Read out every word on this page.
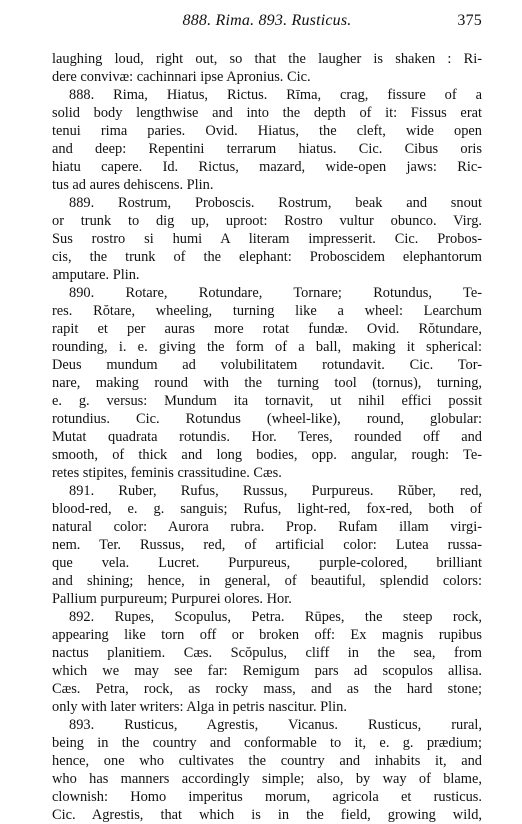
888. Rima. 893. Rusticus.	375
laughing loud, right out, so that the laugher is shaken : Ri-
dere convivæ: cachinnari ipse Apronius. Cic.
888. Rima, Hiatus, Rictus. Rīma, crag, fissure of a
solid body lengthwise and into the depth of it: Fissus erat
tenui rima paries. Ovid. Hiatus, the cleft, wide open
and deep: Repentini terrarum hiatus. Cic. Cibus oris
hiatu capere. Id. Rictus, mazard, wide-open jaws: Ric-
tus ad aures dehiscens. Plin.
889. Rostrum, Proboscis. Rostrum, beak and snout
or trunk to dig up, uproot: Rostro vultur obunco. Virg.
Sus rostro si humi A literam impresserit. Cic. Probos-
cis, the trunk of the elephant: Proboscidem elephantorum
amputare. Plin.
890. Rotare, Rotundare, Tornare; Rotundus, Te-
res. Rŏtare, wheeling, turning like a wheel: Learchum
rapit et per auras more rotat fundæ. Ovid. Rŏtundare,
rounding, i. e. giving the form of a ball, making it spherical:
Deus mundum ad volubilitatem rotundavit. Cic. Tor-
nare, making round with the turning tool (tornus), turning,
e. g. versus: Mundum ita tornavit, ut nihil effici possit
rotundius. Cic. Rotundus (wheel-like), round, globular:
Mutat quadrata rotundis. Hor. Teres, rounded off and
smooth, of thick and long bodies, opp. angular, rough: Te-
retes stipites, feminis crassitudine. Cæs.
891. Ruber, Rufus, Russus, Purpureus. Rŭber, red,
blood-red, e. g. sanguis; Rufus, light-red, fox-red, both of
natural color: Aurora rubra. Prop. Rufam illam virgi-
nem. Ter. Russus, red, of artificial color: Lutea russa-
que vela. Lucret. Purpureus, purple-colored, brilliant
and shining; hence, in general, of beautiful, splendid colors:
Pallium purpureum; Purpurei olores. Hor.
892. Rupes, Scopulus, Petra. Rūpes, the steep rock,
appearing like torn off or broken off: Ex magnis rupibus
nactus planitiem. Cæs. Scŏpulus, cliff in the sea, from
which we may see far: Remigum pars ad scopulos allisa.
Cæs. Petra, rock, as rocky mass, and as the hard stone;
only with later writers: Alga in petris nascitur. Plin.
893. Rusticus, Agrestis, Vicanus. Rusticus, rural,
being in the country and conformable to it, e. g. prædium;
hence, one who cultivates the country and inhabits it, and
who has manners accordingly simple; also, by way of blame,
clownish: Homo imperitus morum, agricola et rusticus.
Cic. Agrestis, that which is in the field, growing wild,
